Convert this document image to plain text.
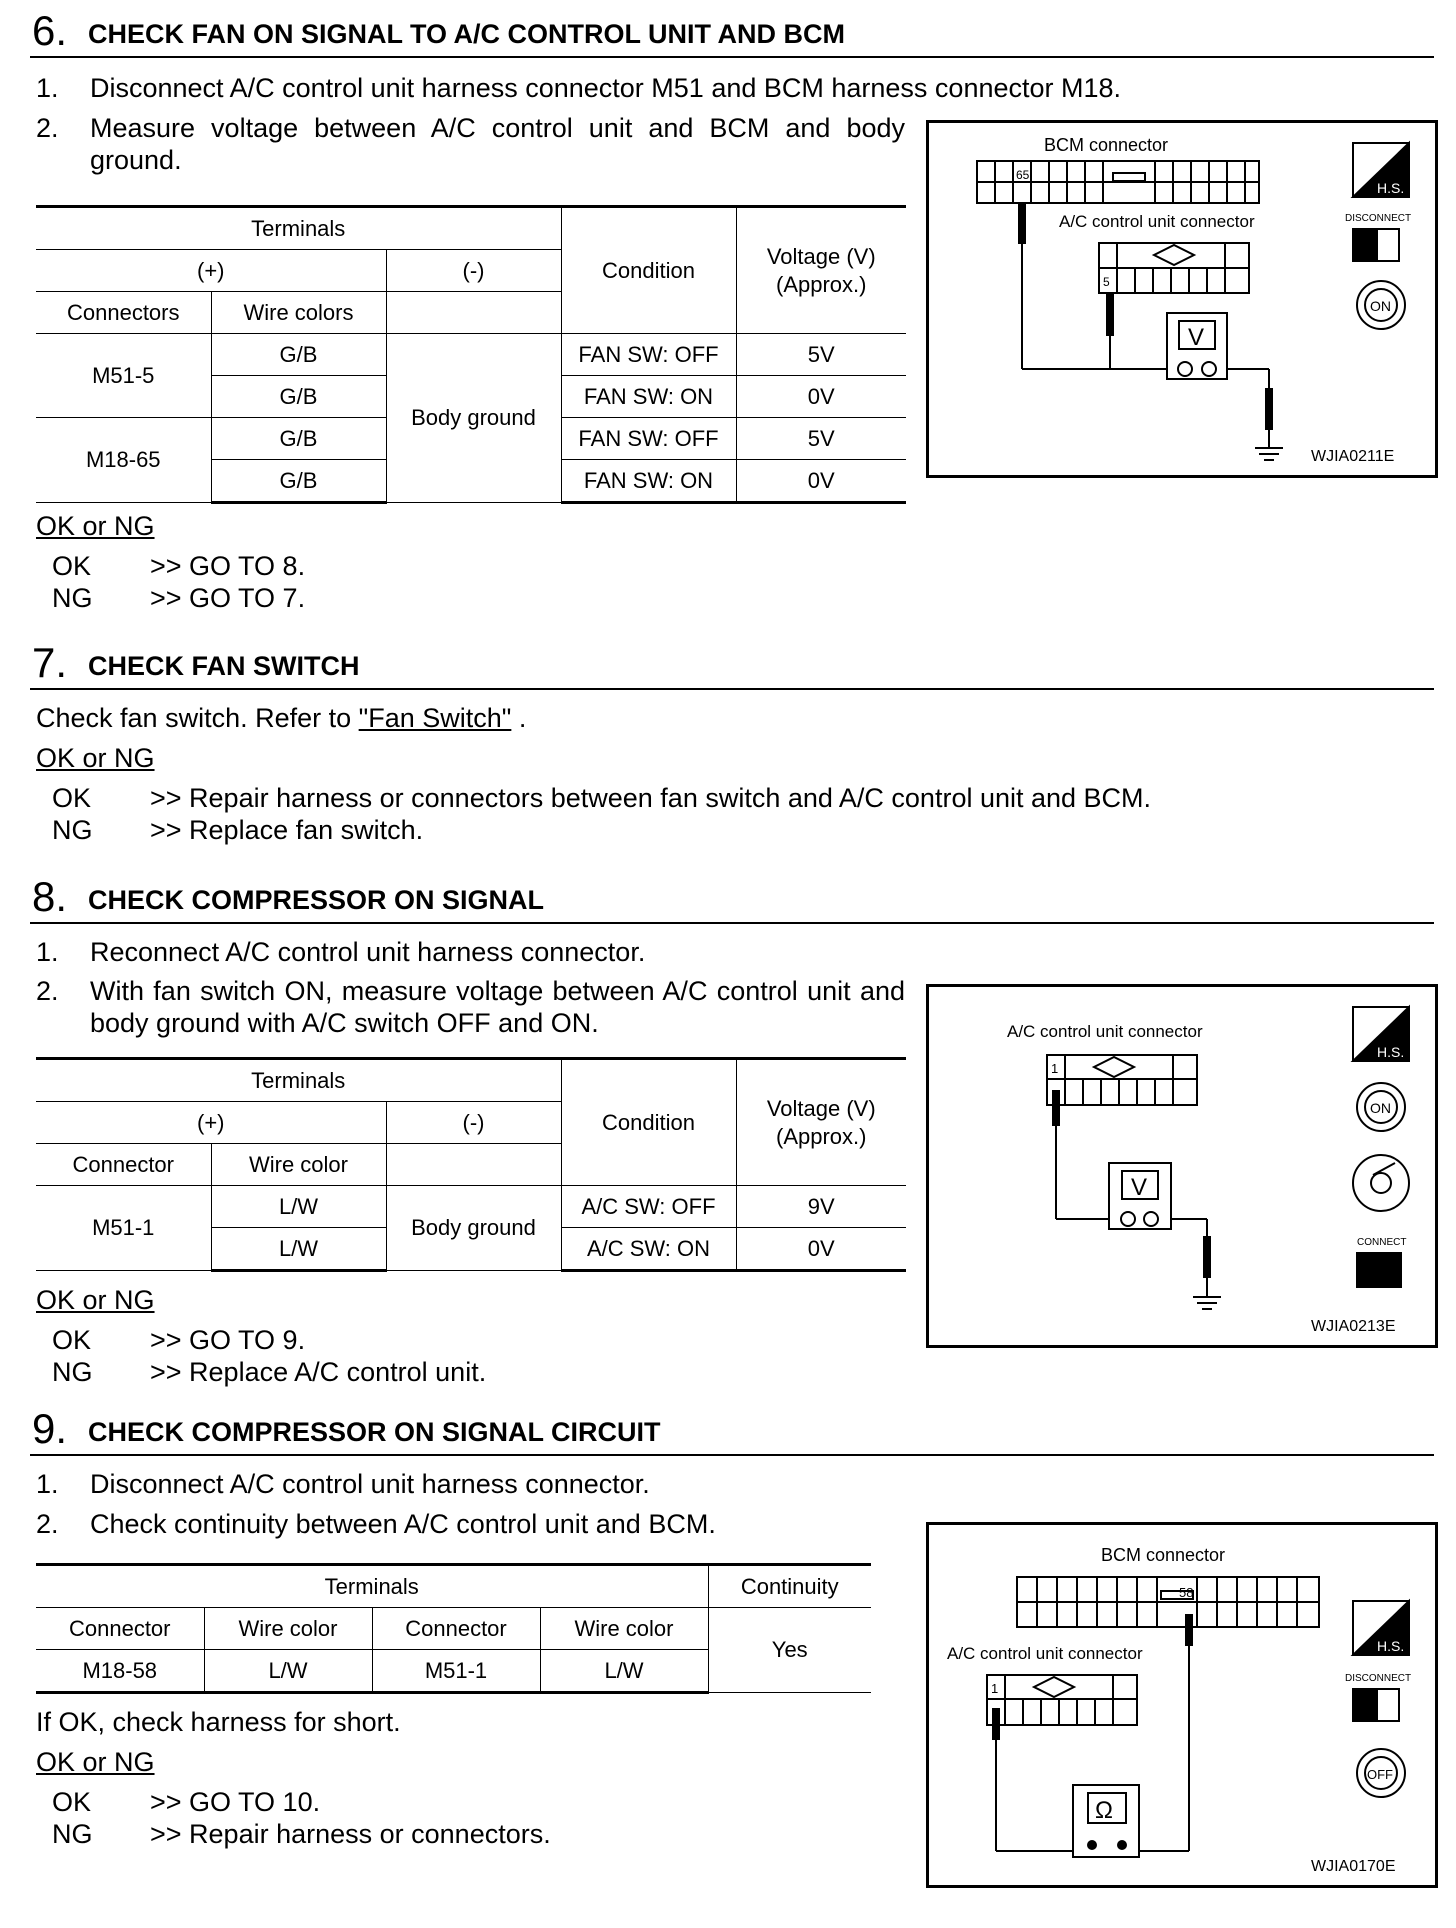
6. CHECK FAN ON SIGNAL TO A/C CONTROL UNIT AND BCM
1. Disconnect A/C control unit harness connector M51 and BCM harness connector M18.
2. Measure voltage between A/C control unit and BCM and body ground.
Terminals			Condition	Voltage (V)
(Approx.)
(+)		(-)		
Connectors	Wire colors			
M51-5	G/B	Body ground	FAN SW: OFF	5V
	G/B		FAN SW: ON	0V
M18-65	G/B		FAN SW: OFF	5V
	G/B		FAN SW: ON	0V
OK or NG
OK >> GO TO 8.
NG >> GO TO 7.
BCM connector
65
A/C control unit connector
5
V
H.S.
DISCONNECT
ON
WJIA0211E
7. CHECK FAN SWITCH
Check fan switch. Refer to "Fan Switch" .
OK or NG
OK >> Repair harness or connectors between fan switch and A/C control unit and BCM.
NG >> Replace fan switch.
8. CHECK COMPRESSOR ON SIGNAL
1. Reconnect A/C control unit harness connector.
2. With fan switch ON, measure voltage between A/C control unit and body ground with A/C switch OFF and ON.
Terminals			Condition	Voltage (V)
(Approx.)
(+)		(-)		
Connector	Wire color			
M51-1	L/W	Body ground	A/C SW: OFF	9V
	L/W		A/C SW: ON	0V
OK or NG
OK >> GO TO 9.
NG >> Replace A/C control unit.
A/C control unit connector
1
V
H.S.
ON
CONNECT
WJIA0213E
9. CHECK COMPRESSOR ON SIGNAL CIRCUIT
1. Disconnect A/C control unit harness connector.
2. Check continuity between A/C control unit and BCM.
Terminals				Continuity
Connector	Wire color	Connector	Wire color	Yes
M18-58	L/W	M51-1	L/W	
If OK, check harness for short.
OK or NG
OK >> GO TO 10.
NG >> Repair harness or connectors.
BCM connector
58
A/C control unit connector
1
Ω
H.S.
DISCONNECT
OFF
WJIA0170E
